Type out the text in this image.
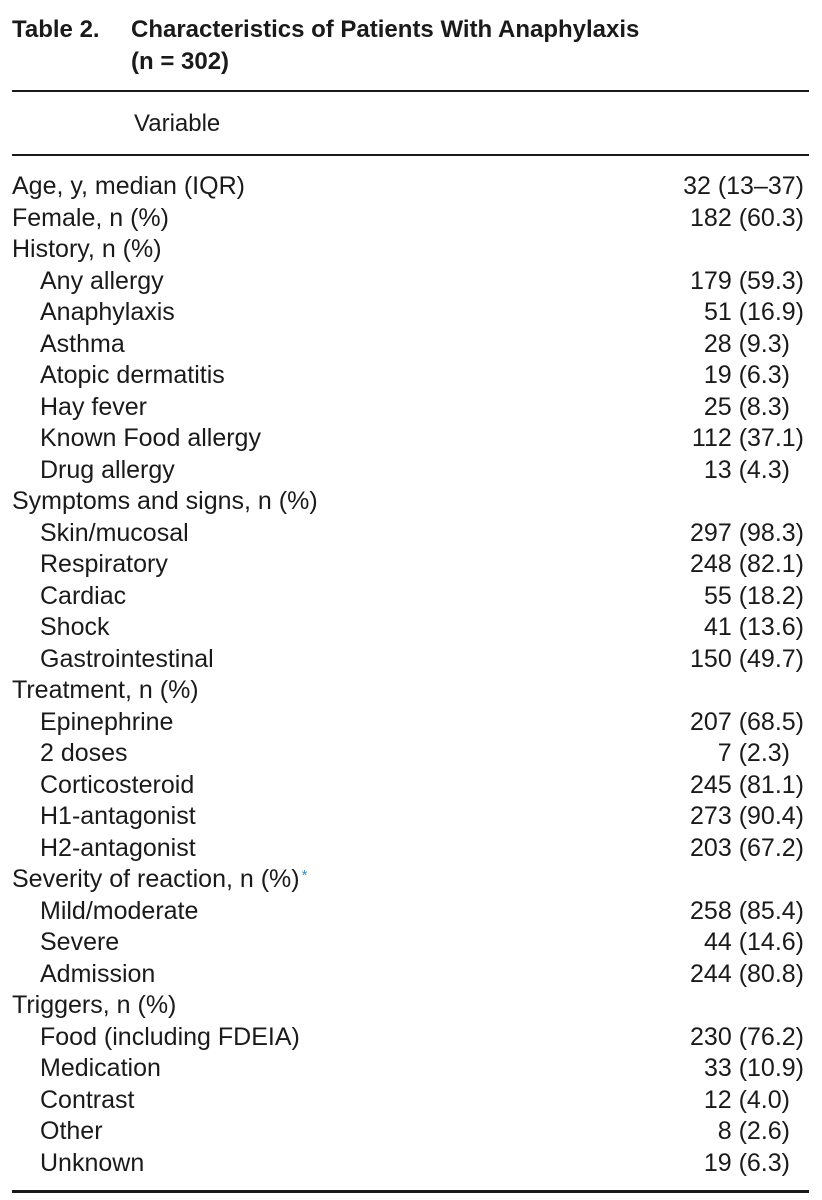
Table 2. Characteristics of Patients With Anaphylaxis
(n = 302)
Variable
Age, y, median (IQR)	32 (13–37)
Female, n (%)	182 (60.3)
History, n (%)
Any allergy	179 (59.3)
Anaphylaxis	51 (16.9)
Asthma	28 (9.3)
Atopic dermatitis	19 (6.3)
Hay fever	25 (8.3)
Known Food allergy	112 (37.1)
Drug allergy	13 (4.3)
Symptoms and signs, n (%)
Skin/mucosal	297 (98.3)
Respiratory	248 (82.1)
Cardiac	55 (18.2)
Shock	41 (13.6)
Gastrointestinal	150 (49.7)
Treatment, n (%)
Epinephrine	207 (68.5)
2 doses	7 (2.3)
Corticosteroid	245 (81.1)
H1-antagonist	273 (90.4)
H2-antagonist	203 (67.2)
Severity of reaction, n (%) *
Mild/moderate	258 (85.4)
Severe	44 (14.6)
Admission	244 (80.8)
Triggers, n (%)
Food (including FDEIA)	230 (76.2)
Medication	33 (10.9)
Contrast	12 (4.0)
Other	8 (2.6)
Unknown	19 (6.3)
